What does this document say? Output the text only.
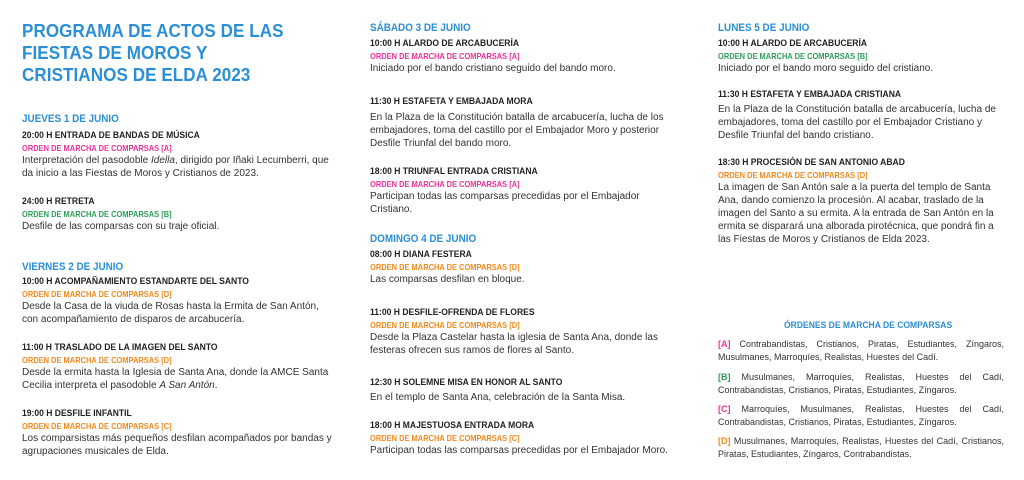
PROGRAMA DE ACTOS DE LAS FIESTAS DE MOROS Y CRISTIANOS DE ELDA 2023
JUEVES 1 DE JUNIO
20:00 H ENTRADA DE BANDAS DE MÚSICA
ORDEN DE MARCHA DE COMPARSAS [A]
Interpretación del pasodoble Idella, dirigido por Iñaki Lecumberri, que da inicio a las Fiestas de Moros y Cristianos de 2023.
24:00 H RETRETA
ORDEN DE MARCHA DE COMPARSAS [B]
Desfile de las comparsas con su traje oficial.
VIERNES 2 DE JUNIO
10:00 H ACOMPAÑAMIENTO ESTANDARTE DEL SANTO
ORDEN DE MARCHA DE COMPARSAS [D]
Desde la Casa de la viuda de Rosas hasta la Ermita de San Antón, con acompañamiento de disparos de arcabucería.
11:00 H TRASLADO DE LA IMAGEN DEL SANTO
ORDEN DE MARCHA DE COMPARSAS [D]
Desde la ermita hasta la Iglesia de Santa Ana, donde la AMCE Santa Cecilia interpreta el pasodoble A San Antón.
19:00 H DESFILE INFANTIL
ORDEN DE MARCHA DE COMPARSAS [C]
Los comparsistas más pequeños desfilan acompañados por bandas y agrupaciones musicales de Elda.
SÁBADO 3 DE JUNIO
10:00 H ALARDO DE ARCABUCERÍA
ORDEN DE MARCHA DE COMPARSAS [A]
Iniciado por el bando cristiano seguido del bando moro.
11:30 H ESTAFETA Y EMBAJADA MORA
En la Plaza de la Constitución batalla de arcabucería, lucha de los embajadores, toma del castillo por el Embajador Moro y posterior Desfile Triunfal del bando moro.
18:00 H TRIUNFAL ENTRADA CRISTIANA
ORDEN DE MARCHA DE COMPARSAS [A]
Participan todas las comparsas precedidas por el Embajador Cristiano.
DOMINGO 4 DE JUNIO
08:00 H DIANA FESTERA
ORDEN DE MARCHA DE COMPARSAS [D]
Las comparsas desfilan en bloque.
11:00 H DESFILE-OFRENDA DE FLORES
ORDEN DE MARCHA DE COMPARSAS [D]
Desde la Plaza Castelar hasta la iglesia de Santa Ana, donde las festeras ofrecen sus ramos de flores al Santo.
12:30 H SOLEMNE MISA EN HONOR AL SANTO
En el templo de Santa Ana, celebración de la Santa Misa.
18:00 H MAJESTUOSA ENTRADA MORA
ORDEN DE MARCHA DE COMPARSAS [C]
Participan todas las comparsas precedidas por el Embajador Moro.
LUNES 5 DE JUNIO
10:00 H ALARDO DE ARCABUCERÍA
ORDEN DE MARCHA DE COMPARSAS [B]
Iniciado por el bando moro seguido del cristiano.
11:30 H ESTAFETA Y EMBAJADA CRISTIANA
En la Plaza de la Constitución batalla de arcabucería, lucha de embajadores, toma del castillo por el Embajador Cristiano y Desfile Triunfal del bando cristiano.
18:30 H PROCESIÓN DE SAN ANTONIO ABAD
ORDEN DE MARCHA DE COMPARSAS [D]
La imagen de San Antón sale a la puerta del templo de Santa Ana, dando comienzo la procesión. Al acabar, traslado de la imagen del Santo a su ermita. A la entrada de San Antón en la ermita se disparará una alborada pirotécnica, que pondrá fin a las Fiestas de Moros y Cristianos de Elda 2023.
ÓRDENES DE MARCHA DE COMPARSAS
[A] Contrabandistas, Cristianos, Piratas, Estudiantes, Zíngaros, Musulmanes, Marroquíes, Realistas, Huestes del Cadí.
[B] Musulmanes, Marroquíes, Realistas, Huestes del Cadí, Contrabandistas, Cristianos, Piratas, Estudiantes, Zíngaros.
[C] Marroquíes, Musulmanes, Realistas, Huestes del Cadí, Contrabandistas, Cristianos, Piratas, Estudiantes, Zíngaros.
[D] Musulmanes, Marroquíes, Realistas, Huestes del Cadí, Cristianos, Piratas, Estudiantes, Zíngaros, Contrabandistas.
